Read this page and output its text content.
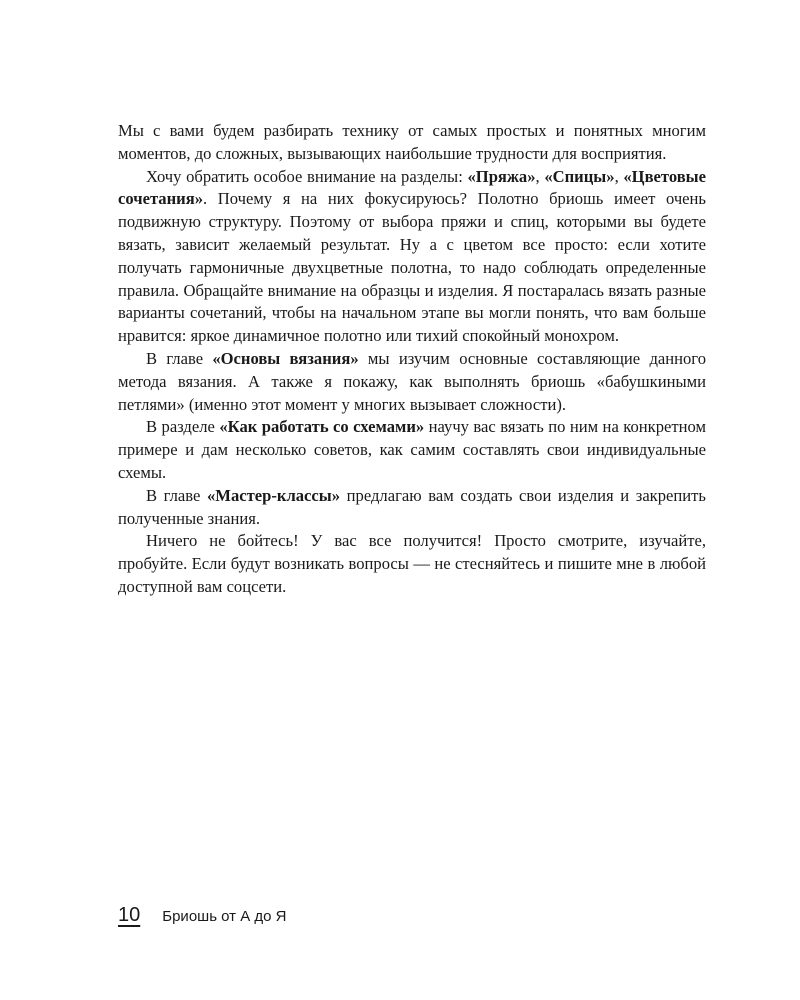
Мы с вами будем разбирать технику от самых простых и понятных многим моментов, до сложных, вызывающих наибольшие трудности для восприятия.

Хочу обратить особое внимание на разделы: «Пряжа», «Спицы», «Цветовые сочетания». Почему я на них фокусируюсь? Полотно бриошь имеет очень подвижную структуру. Поэтому от выбора пряжи и спиц, которыми вы будете вязать, зависит желаемый результат. Ну а с цветом все просто: если хотите получать гармоничные двухцветные полотна, то надо соблюдать определенные правила. Обращайте внимание на образцы и изделия. Я постаралась вязать разные варианты сочетаний, чтобы на начальном этапе вы могли понять, что вам больше нравится: яркое динамичное полотно или тихий спокойный монохром.

В главе «Основы вязания» мы изучим основные составляющие данного метода вязания. А также я покажу, как выполнять бриошь «бабушкиными петлями» (именно этот момент у многих вызывает сложности).

В разделе «Как работать со схемами» научу вас вязать по ним на конкретном примере и дам несколько советов, как самим составлять свои индивидуальные схемы.

В главе «Мастер-классы» предлагаю вам создать свои изделия и закрепить полученные знания.

Ничего не бойтесь! У вас все получится! Просто смотрите, изучайте, пробуйте. Если будут возникать вопросы — не стесняйтесь и пишите мне в любой доступной вам соцсети.

10 Бриошь от А до Я
